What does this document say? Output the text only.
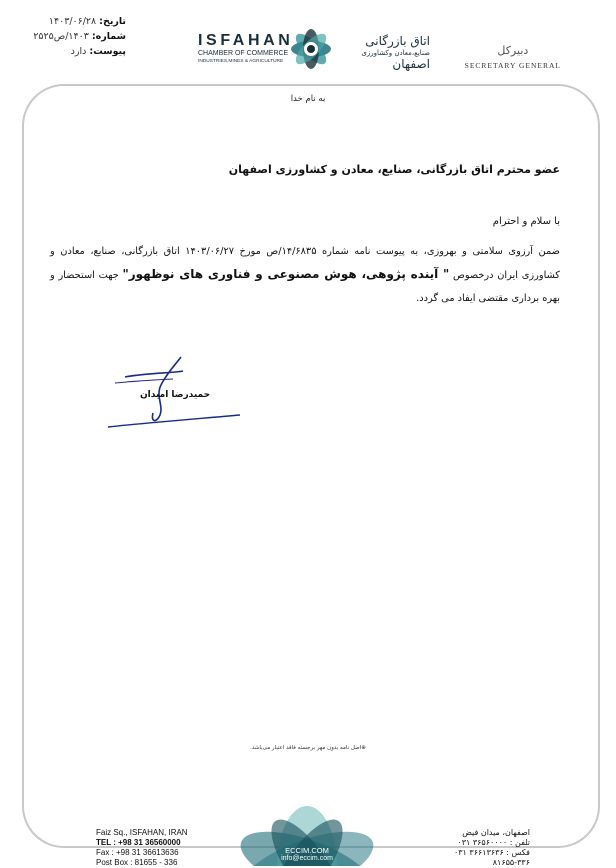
تاریخ: ۱۴۰۳/۰۶/۲۸
شماره: ۱۴۰۳/ص۲۵۲۵
پیوست: دارد
ISFAHAN
CHAMBER OF COMMERCE
INDUSTRIES,MINES & AGRICULTURE
اتاق بازرگانی
صنایع،معادن وکشاورزی
اصفهان
دبیرکل
SECRETARY GENERAL
به نام خدا
عضو محترم اتاق بازرگانی، صنایع، معادن و کشاورزی اصفهان
با سلام و احترام
ضمن آرزوی سلامتی و بهروزی، به پیوست نامه شماره ۱۴/۶۸۳۵/ص مورخ ۱۴۰۳/۰۶/۲۷ اتاق بازرگانی، صنایع، معادن و کشاورزی ایران درخصوص " آینده پژوهی، هوش مصنوعی و فناوری های نوظهور" جهت استحضار و بهره برداری مقتضی ایفاد می گردد.
حمیدرضا امیدان
⊕اصل نامه بدون مهر برجسته فاقد اعتبار می‌باشد.
Faiz Sq., ISFAHAN, IRAN
TEL : +98 31 36560000
Fax : +98 31 36613636
Post Box : 81655 - 336
ECCIM.COM
info@eccim.com
اصفهان، میدان فیض
تلفن : ۳۶۵۶۰۰۰۰ ۰۳۱
فکس : ۳۶۶۱۳۶۳۶ ۰۳۱
۸۱۶۵۵-۳۳۶
